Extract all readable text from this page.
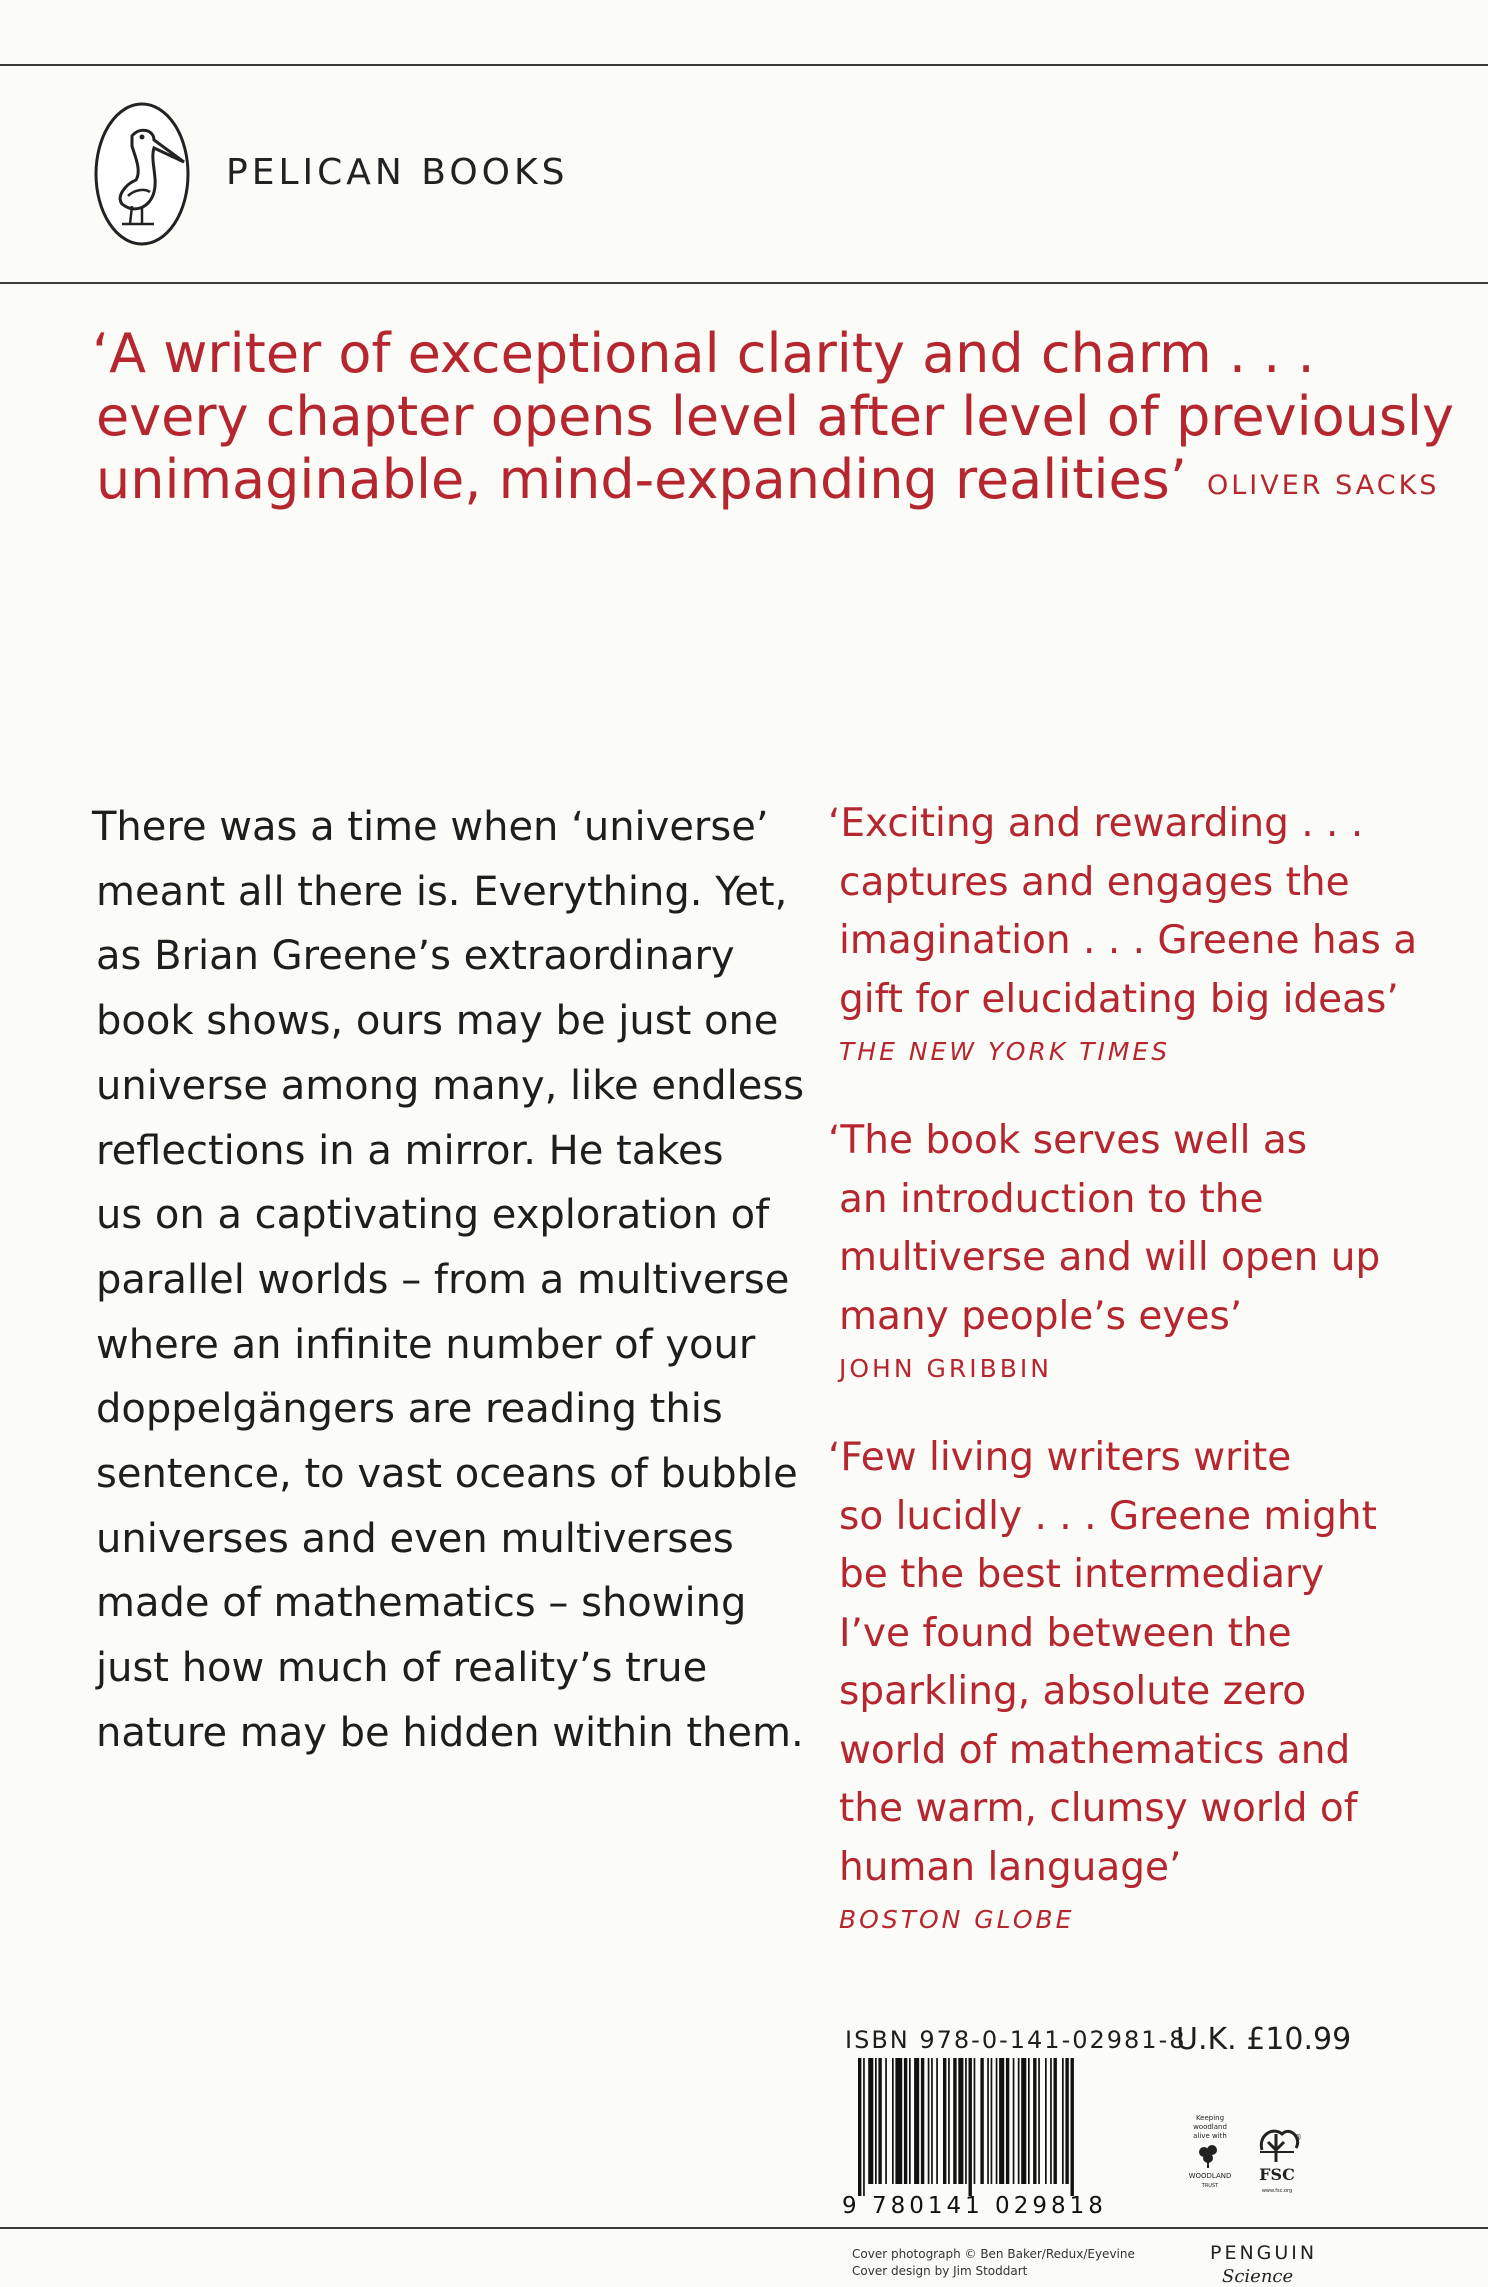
PELICAN BOOKS
‘A writer of exceptional clarity and charm . . .
every chapter opens level after level of previously
unimaginable, mind-expanding realities’ OLIVER SACKS
There was a time when ‘universe’
meant all there is. Everything. Yet,
as Brian Greene’s extraordinary
book shows, ours may be just one
universe among many, like endless
reflections in a mirror. He takes
us on a captivating exploration of
parallel worlds – from a multiverse
where an infinite number of your
doppelgängers are reading this
sentence, to vast oceans of bubble
universes and even multiverses
made of mathematics – showing
just how much of reality’s true
nature may be hidden within them.
‘Exciting and rewarding . . .
captures and engages the
imagination . . . Greene has a
gift for elucidating big ideas’
THE NEW YORK TIMES
‘The book serves well as
an introduction to the
multiverse and will open up
many people’s eyes’
JOHN GRIBBIN
‘Few living writers write
so lucidly . . . Greene might
be the best intermediary
I’ve found between the
sparkling, absolute zero
world of mathematics and
the warm, clumsy world of
human language’
BOSTON GLOBE
ISBN 978-0-141-02981-8
U.K. £10.99
9 780141 029818
Keeping
woodland
alive with
WOODLAND
TRUST
®
FSC
www.fsc.org
Cover photograph © Ben Baker/Redux/Eyevine
Cover design by Jim Stoddart
PENGUIN
Science
